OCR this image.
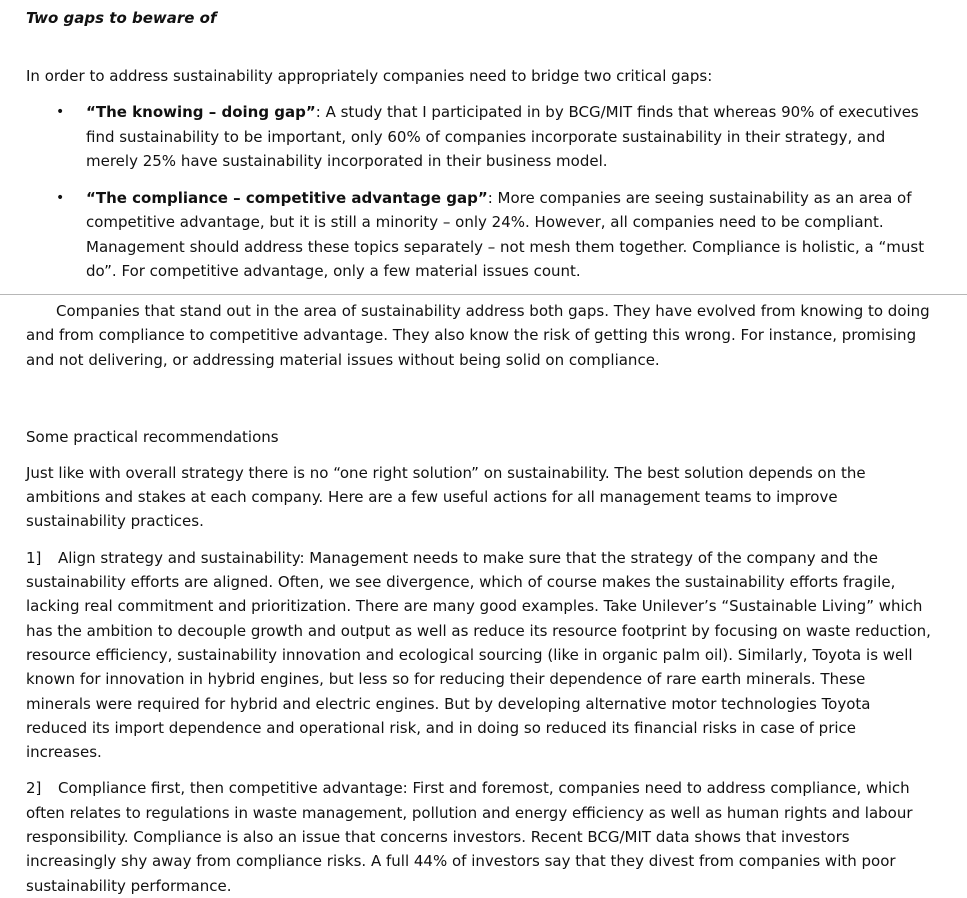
Two gaps to beware of

In order to address sustainability appropriately companies need to bridge two critical gaps:

• “The knowing – doing gap”: A study that I participated in by BCG/MIT finds that whereas 90% of executives find sustainability to be important, only 60% of companies incorporate sustainability in their strategy, and merely 25% have sustainability incorporated in their business model.
• “The compliance – competitive advantage gap”: More companies are seeing sustainability as an area of competitive advantage, but it is still a minority – only 24%. However, all companies need to be compliant. Management should address these topics separately – not mesh them together. Compliance is holistic, a “must do”. For competitive advantage, only a few material issues count.

Companies that stand out in the area of sustainability address both gaps. They have evolved from knowing to doing and from compliance to competitive advantage. They also know the risk of getting this wrong. For instance, promising and not delivering, or addressing material issues without being solid on compliance.

Some practical recommendations

Just like with overall strategy there is no “one right solution” on sustainability. The best solution depends on the ambitions and stakes at each company. Here are a few useful actions for all management teams to improve sustainability practices.

1] Align strategy and sustainability: Management needs to make sure that the strategy of the company and the sustainability efforts are aligned. Often, we see divergence, which of course makes the sustainability efforts fragile, lacking real commitment and prioritization. There are many good examples. Take Unilever’s “Sustainable Living” which has the ambition to decouple growth and output as well as reduce its resource footprint by focusing on waste reduction, resource efficiency, sustainability innovation and ecological sourcing (like in organic palm oil). Similarly, Toyota is well known for innovation in hybrid engines, but less so for reducing their dependence of rare earth minerals. These minerals were required for hybrid and electric engines. But by developing alternative motor technologies Toyota reduced its import dependence and operational risk, and in doing so reduced its financial risks in case of price increases.

2] Compliance first, then competitive advantage: First and foremost, companies need to address compliance, which often relates to regulations in waste management, pollution and energy efficiency as well as human rights and labour responsibility. Compliance is also an issue that concerns investors. Recent BCG/MIT data shows that investors increasingly shy away from compliance risks. A full 44% of investors say that they divest from companies with poor sustainability performance.
